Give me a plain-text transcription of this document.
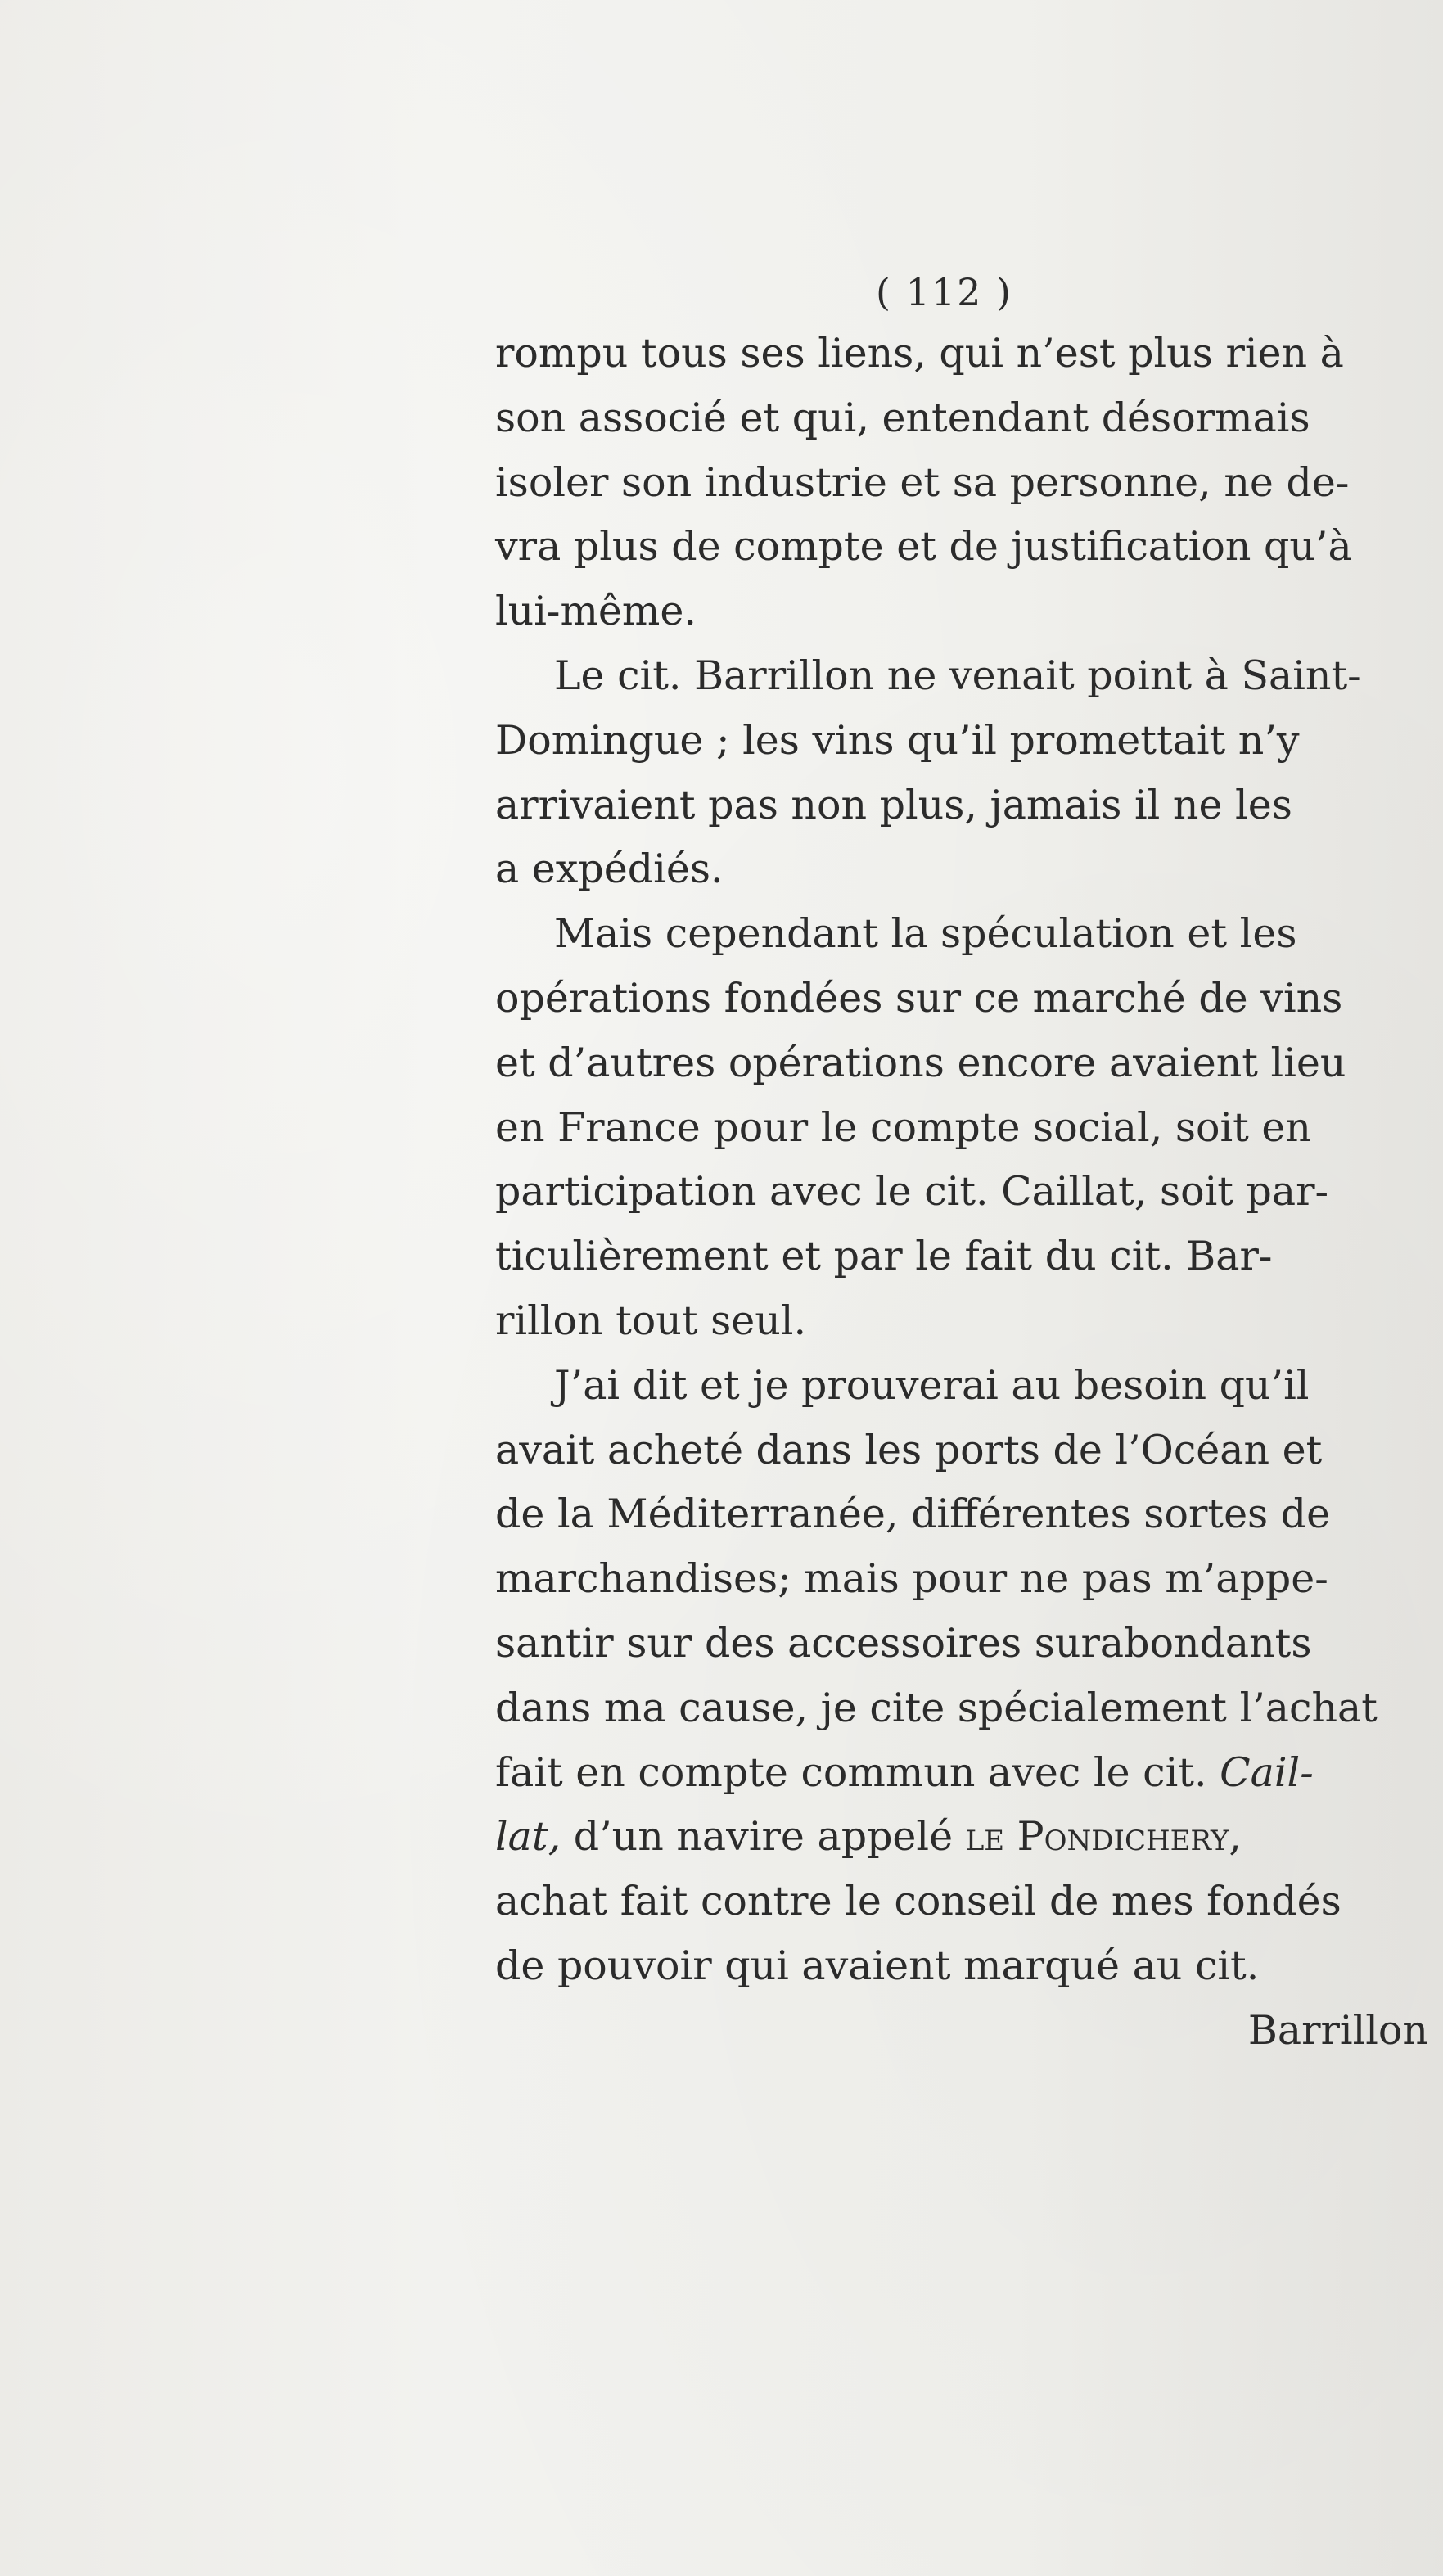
( 112 )
rompu tous ses liens, qui n’est plus rien à
son associé et qui, entendant désormais
isoler son industrie et sa personne, ne de-
vra plus de compte et de justification qu’à
lui-même.
Le cit. Barrillon ne venait point à Saint-
Domingue ; les vins qu’il promettait n’y
arrivaient pas non plus, jamais il ne les
a expédiés.
Mais cependant la spéculation et les
opérations fondées sur ce marché de vins
et d’autres opérations encore avaient lieu
en France pour le compte social, soit en
participation avec le cit. Caillat, soit par-
ticulièrement et par le fait du cit. Bar-
rillon tout seul.
J’ai dit et je prouverai au besoin qu’il
avait acheté dans les ports de l’Océan et
de la Méditerranée, différentes sortes de
marchandises; mais pour ne pas m’appe-
santir sur des accessoires surabondants
dans ma cause, je cite spécialement l’achat
fait en compte commun avec le cit. Cail-
lat, d’un navire appelé le Pondichery,
achat fait contre le conseil de mes fondés
de pouvoir qui avaient marqué au cit.
Barrillon
